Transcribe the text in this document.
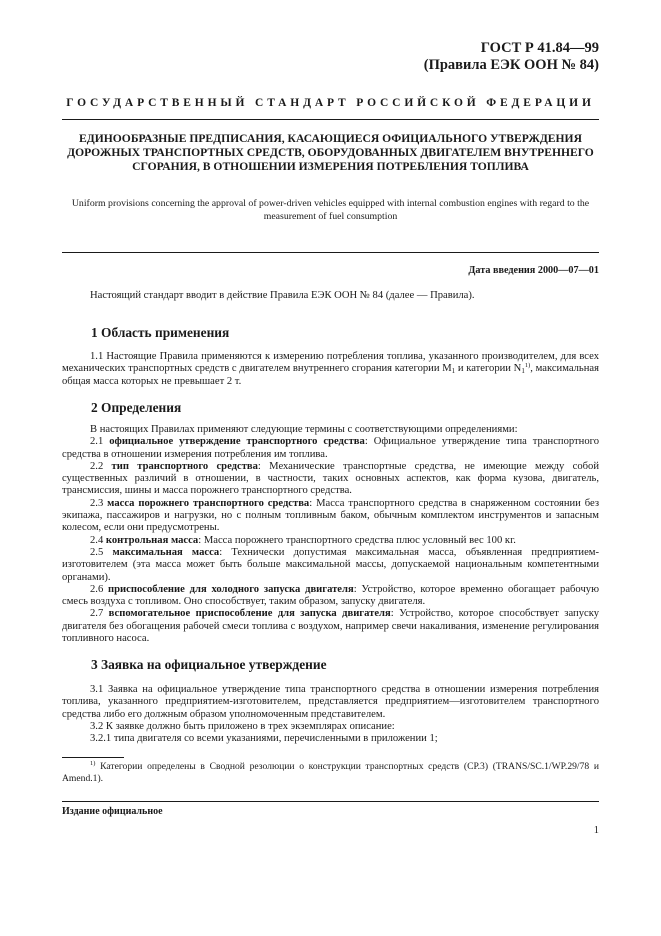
ГОСТ Р 41.84—99
(Правила ЕЭК ООН № 84)
ГОСУДАРСТВЕННЫЙ СТАНДАРТ РОССИЙСКОЙ ФЕДЕРАЦИИ
ЕДИНООБРАЗНЫЕ ПРЕДПИСАНИЯ, КАСАЮЩИЕСЯ ОФИЦИАЛЬНОГО УТВЕРЖДЕНИЯ ДОРОЖНЫХ ТРАНСПОРТНЫХ СРЕДСТВ, ОБОРУДОВАННЫХ ДВИГАТЕЛЕМ ВНУТРЕННЕГО СГОРАНИЯ, В ОТНОШЕНИИ ИЗМЕРЕНИЯ ПОТРЕБЛЕНИЯ ТОПЛИВА
Uniform provisions concerning the approval of power-driven vehicles equipped with internal combustion engines with regard to the measurement of fuel consumption
Дата введения 2000—07—01

Настоящий стандарт вводит в действие Правила ЕЭК ООН № 84 (далее — Правила).

1 Область применения

1.1 Настоящие Правила применяются к измерению потребления топлива, указанного производителем, для всех механических транспортных средств с двигателем внутреннего сгорания категории $M_1$ и категории $N_1^{1)}$, максимальная общая масса которых не превышает 2 т.

2 Определения

В настоящих Правилах применяют следующие термины с соответствующими определениями:

2.1 официальное утверждение транспортного средства: Официальное утверждение типа транспортного средства в отношении измерения потребления им топлива.

2.2 тип транспортного средства: Механические транспортные средства, не имеющие между собой существенных различий в отношении, в частности, таких основных аспектов, как форма кузова, двигатель, трансмиссия, шины и масса порожнего транспортного средства.

2.3 масса порожнего транспортного средства: Масса транспортного средства в снаряженном состоянии без экипажа, пассажиров и нагрузки, но с полным топливным баком, обычным комплектом инструментов и запасным колесом, если они предусмотрены.

2.4 контрольная масса: Масса порожнего транспортного средства плюс условный вес 100 кг.

2.5 максимальная масса: Технически допустимая максимальная масса, объявленная предприятием-изготовителем (эта масса может быть больше максимальной массы, допускаемой национальным компетентными органами).

2.6 приспособление для холодного запуска двигателя: Устройство, которое временно обогащает рабочую смесь воздуха с топливом. Оно способствует, таким образом, запуску двигателя.

2.7 вспомогательное приспособление для запуска двигателя: Устройство, которое способствует запуску двигателя без обогащения рабочей смеси топлива с воздухом, например свечи накаливания, изменение регулирования топливного насоса.

3 Заявка на официальное утверждение

3.1 Заявка на официальное утверждение типа транспортного средства в отношении измерения потребления топлива, указанного предприятием-изготовителем, представляется предприятием—изготовителем транспортного средства либо его должным образом уполномоченным представителем.

3.2 К заявке должно быть приложено в трех экземплярах описание:

3.2.1 типа двигателя со всеми указаниями, перечисленными в приложении 1;

$^{1)}$ Категории определены в Сводной резолюции о конструкции транспортных средств (СР.3) (TRANS/SC.1/WP.29/78 и Amend.1).
Издание официальное
1
